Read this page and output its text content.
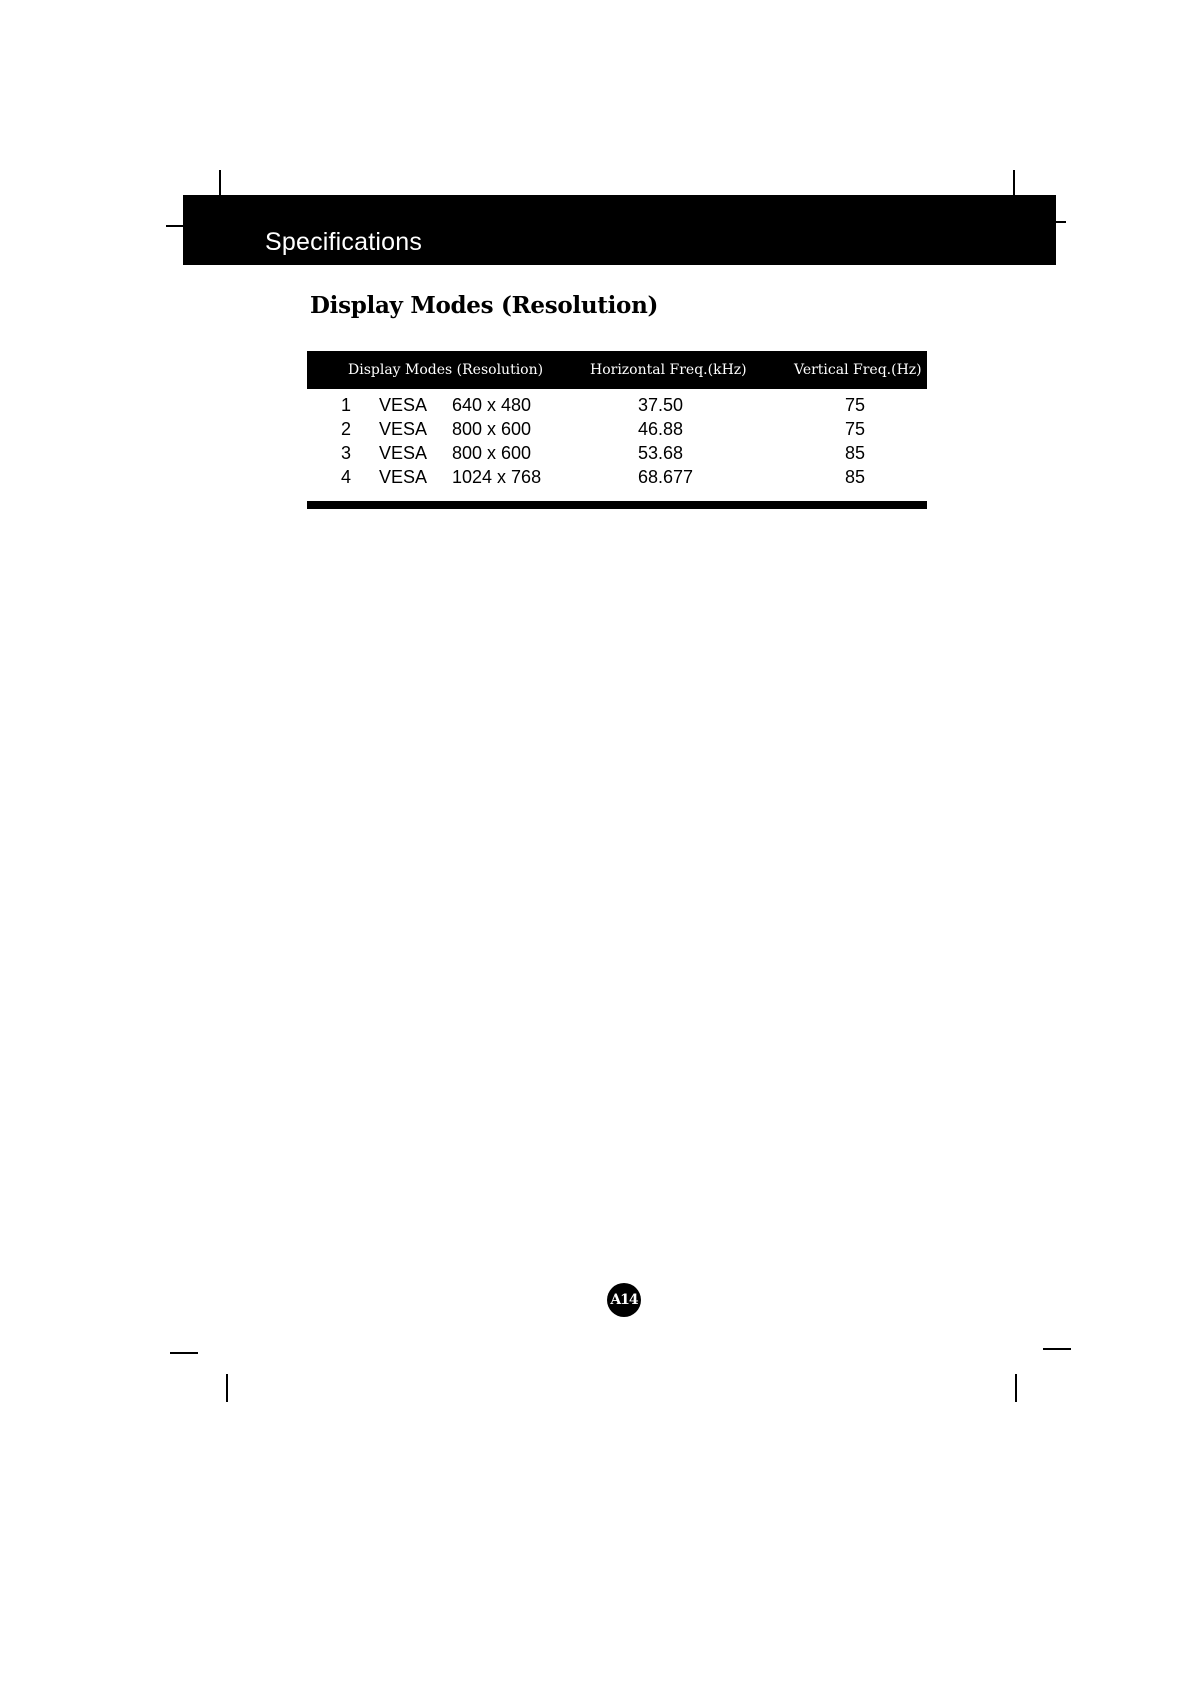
Specifications
Display Modes (Resolution)
Display Modes (Resolution)	Horizontal Freq.(kHz)	Vertical Freq.(Hz)
1 VESA 640 x 480	37.50	75
2 VESA 800 x 600	46.88	75
3 VESA 800 x 600	53.68	85
4 VESA 1024 x 768	68.677	85
A14
